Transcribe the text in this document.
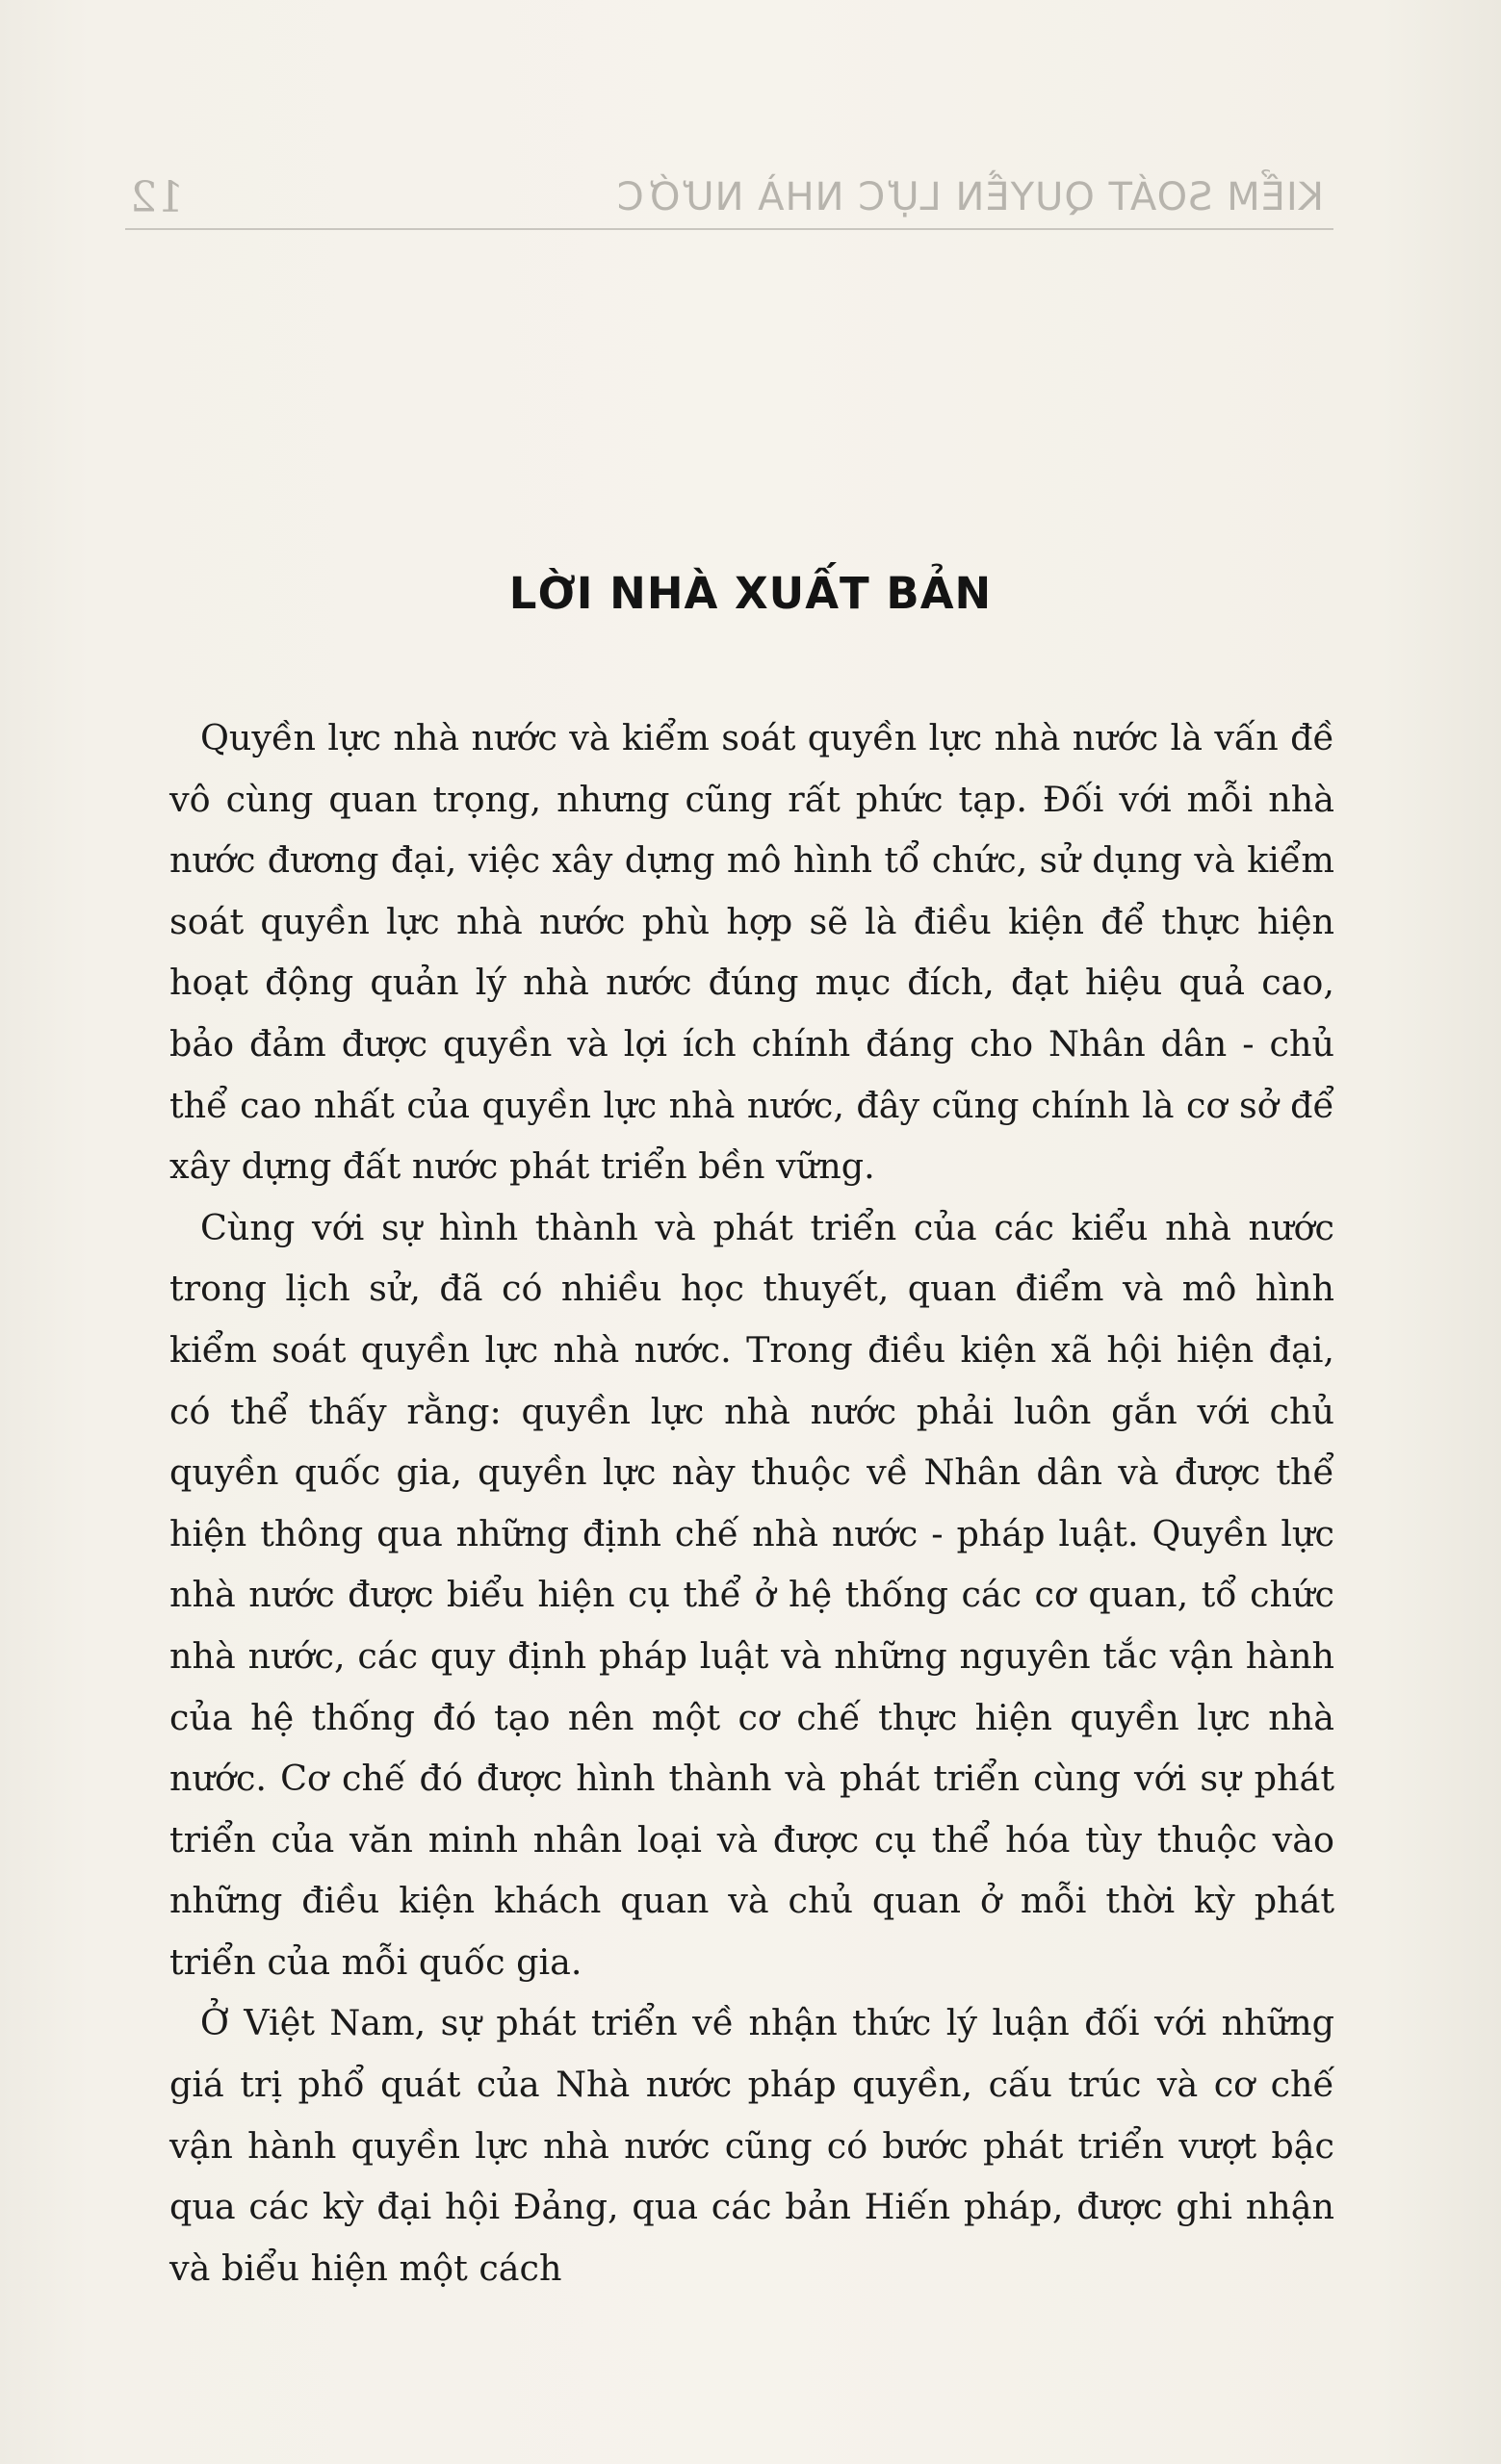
KIỂM SOÁT QUYỀN LỰC NHÀ NƯỚC
12
LỜI NHÀ XUẤT BẢN

Quyền lực nhà nước và kiểm soát quyền lực nhà nước là vấn đề vô cùng quan trọng, nhưng cũng rất phức tạp. Đối với mỗi nhà nước đương đại, việc xây dựng mô hình tổ chức, sử dụng và kiểm soát quyền lực nhà nước phù hợp sẽ là điều kiện để thực hiện hoạt động quản lý nhà nước đúng mục đích, đạt hiệu quả cao, bảo đảm được quyền và lợi ích chính đáng cho Nhân dân - chủ thể cao nhất của quyền lực nhà nước, đây cũng chính là cơ sở để xây dựng đất nước phát triển bền vững.

Cùng với sự hình thành và phát triển của các kiểu nhà nước trong lịch sử, đã có nhiều học thuyết, quan điểm và mô hình kiểm soát quyền lực nhà nước. Trong điều kiện xã hội hiện đại, có thể thấy rằng: quyền lực nhà nước phải luôn gắn với chủ quyền quốc gia, quyền lực này thuộc về Nhân dân và được thể hiện thông qua những định chế nhà nước - pháp luật. Quyền lực nhà nước được biểu hiện cụ thể ở hệ thống các cơ quan, tổ chức nhà nước, các quy định pháp luật và những nguyên tắc vận hành của hệ thống đó tạo nên một cơ chế thực hiện quyền lực nhà nước. Cơ chế đó được hình thành và phát triển cùng với sự phát triển của văn minh nhân loại và được cụ thể hóa tùy thuộc vào những điều kiện khách quan và chủ quan ở mỗi thời kỳ phát triển của mỗi quốc gia.

Ở Việt Nam, sự phát triển về nhận thức lý luận đối với những giá trị phổ quát của Nhà nước pháp quyền, cấu trúc và cơ chế vận hành quyền lực nhà nước cũng có bước phát triển vượt bậc qua các kỳ đại hội Đảng, qua các bản Hiến pháp, được ghi nhận và biểu hiện một cách
